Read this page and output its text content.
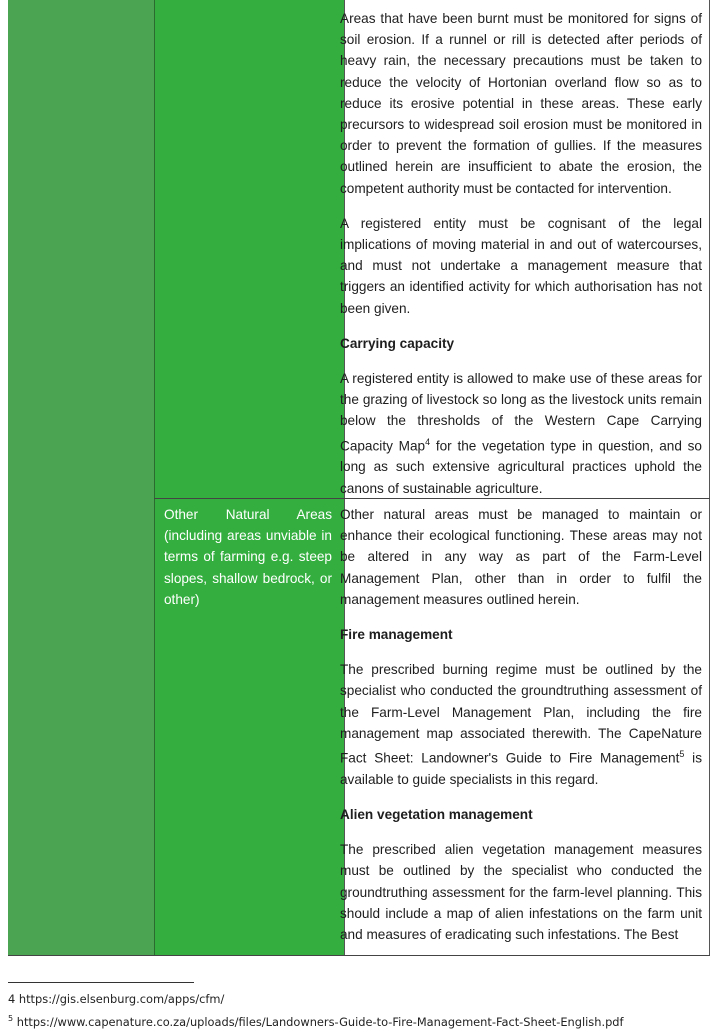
Areas that have been burnt must be monitored for signs of soil erosion. If a runnel or rill is detected after periods of heavy rain, the necessary precautions must be taken to reduce the velocity of Hortonian overland flow so as to reduce its erosive potential in these areas. These early precursors to widespread soil erosion must be monitored in order to prevent the formation of gullies. If the measures outlined herein are insufficient to abate the erosion, the competent authority must be contacted for intervention.

A registered entity must be cognisant of the legal implications of moving material in and out of watercourses, and must not undertake a management measure that triggers an identified activity for which authorisation has not been given.

Carrying capacity

A registered entity is allowed to make use of these areas for the grazing of livestock so long as the livestock units remain below the thresholds of the Western Cape Carrying Capacity Map$^4$ for the vegetation type in question, and so long as such extensive agricultural practices uphold the canons of sustainable agriculture.

Other Natural Areas (including areas unviable in terms of farming e.g. steep slopes, shallow bedrock, or other)

Other natural areas must be managed to maintain or enhance their ecological functioning. These areas may not be altered in any way as part of the Farm-Level Management Plan, other than in order to fulfil the management measures outlined herein.

Fire management

The prescribed burning regime must be outlined by the specialist who conducted the groundtruthing assessment of the Farm-Level Management Plan, including the fire management map associated therewith. The CapeNature Fact Sheet: Landowner's Guide to Fire Management$^5$ is available to guide specialists in this regard.

Alien vegetation management

The prescribed alien vegetation management measures must be outlined by the specialist who conducted the groundtruthing assessment for the farm-level planning. This should include a map of alien infestations on the farm unit and measures of eradicating such infestations. The Best

4 https://gis.elsenburg.com/apps/cfm/
$^5$ https://www.capenature.co.za/uploads/files/Landowners-Guide-to-Fire-Management-Fact-Sheet-English.pdf
